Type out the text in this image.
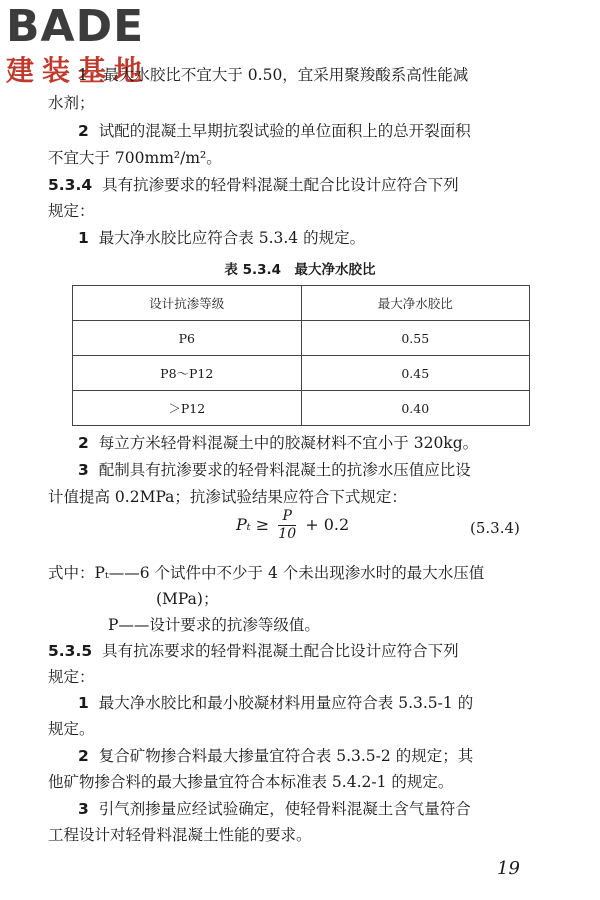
BADE
建装基地
1　最大水胶比不宜大于 0.50，宜采用聚羧酸系高性能减
水剂；
2 试配的混凝土早期抗裂试验的单位面积上的总开裂面积
不宜大于 700mm²/m²。
5.3.4 具有抗渗要求的轻骨料混凝土配合比设计应符合下列
规定：
1 最大净水胶比应符合表 5.3.4 的规定。
表 5.3.4　最大净水胶比
设计抗渗等级	最大净水胶比
P6	0.55
P8～P12	0.45
＞P12	0.40
2 每立方米轻骨料混凝土中的胶凝材料不宜小于 320kg。
3 配制具有抗渗要求的轻骨料混凝土的抗渗水压值应比设
计值提高 0.2MPa；抗渗试验结果应符合下式规定：
$P_t \ge \frac{P}{10} + 0.2$	(5.3.4)
式中：Pₜ——6 个试件中不少于 4 个未出现渗水时的最大水压值
(MPa)；
P——设计要求的抗渗等级值。
5.3.5 具有抗冻要求的轻骨料混凝土配合比设计应符合下列
规定：
1 最大净水胶比和最小胶凝材料用量应符合表 5.3.5-1 的
规定。
2 复合矿物掺合料最大掺量宜符合表 5.3.5-2 的规定；其
他矿物掺合料的最大掺量宜符合本标准表 5.4.2-1 的规定。
3 引气剂掺量应经试验确定，使轻骨料混凝土含气量符合
工程设计对轻骨料混凝土性能的要求。
19
